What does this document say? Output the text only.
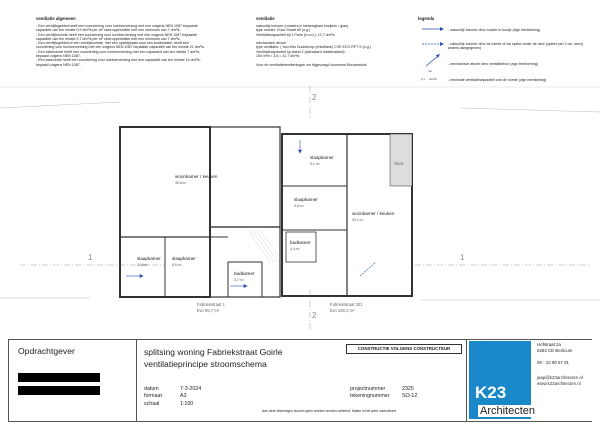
ventilatie algemeen

- Een verblijfsgebied heeft een voorziening voor luchtverversing met een volgens NEN 1087 bepaalde

capaciteit van ten minste 0,9 dm³/s per m² vloeroppervlakte met een minimum van 7 dm³/s.

- Een verblijfsruimte heeft een voorziening voor luchtverversing met een volgens NEN 1087 bepaalde

capaciteit van ten minste 0,7 dm³/s per m² vloeroppervlakte met een minimum van 7 dm³/s.

- Een verblijfsgebied of een verblijfsruimte, met een opstelplaats voor een kooktoestel, heeft een

voorziening voor luchtverversing met een volgens NEN 1087 bepaalde capaciteit van ten minste 21 dm³/s.

- Een toiletruimte heeft een voorziening voor luchtverversing met een capaciteit van ten minste 7 dm³/s,

bepaald volgens NEN 1087.

- Een badruimte heeft een voorziening voor luchtverversing met een capaciteit van ten minste 14 dm³/s,

bepaald volgens NEN 1087.

ventilatie

natuurlijk toevoer (roosters in beweegbare kozijnen / glas)

type rooster: Duco Smart 60 (o.g.)

Ventilatiecapaciteit bij 1 Pa/m (b.v.m.): 12,7 dm³/s

mechanisch afvoer

type ventilator: ( bou Wtu Duoblenop (enkelfase) CVE ECO RFT S (o.g.)

Ventilatiecapaciteit op stand 2 (standaard middenstand):

150 m³/h / 3,6 = 41,7 dm³/s

Voor de ventilatieberekeningen zie bijgevoegd document Bouwbesluit

legenda
- natuurlijk toevoer dmv rooster in kozijn (zign berekening)
- natuurlijk toevoer dmv de ruimte of via spleet onder de deur (spleet van 2 cm, tenzij anders aangegeven)
- mechanisch afvoer dmv ventilatiebox (zign berekening)
- minimale ventilatiecapaciteit van de ruimte (zign berekening)
mv
q = ... dm³/s
2
2
1	1
woonkamer / keuken
36,8 m²
slaapkamer
10,6 m²
slaapkamer
6,5 m²
badkamer
3,7 m²
slaapkamer
9,1 m²
slaapkamer
9,5 m²
woonkamer / keuken
40,1 m²
badkamer
4,4 m²
PBCR
Fabriekstraat 1
bvo 99,7 m²
Fabriekstraat 201
bvo 100,2 m²
Opdrachtgever	splitsing woning Fabriekstraat Goirle
ventilatieprincipe stroomschema
CONSTRUCTIE VOLGENS CONSTRUCTEUR
datum	7-3-2024
formaat	A3
schaal	1:100
projectnummer	2325
tekeningnummer SO-12
Aan deze tekeningen kunnen geen rechten worden ontleend. Maten in het werk controleren!
K23
Architecten
Hofstraat 2a
5254 CE Berlicum
06 - 10 90 57 31
jaap@k23architecten.nl
www.k23architecten.nl
